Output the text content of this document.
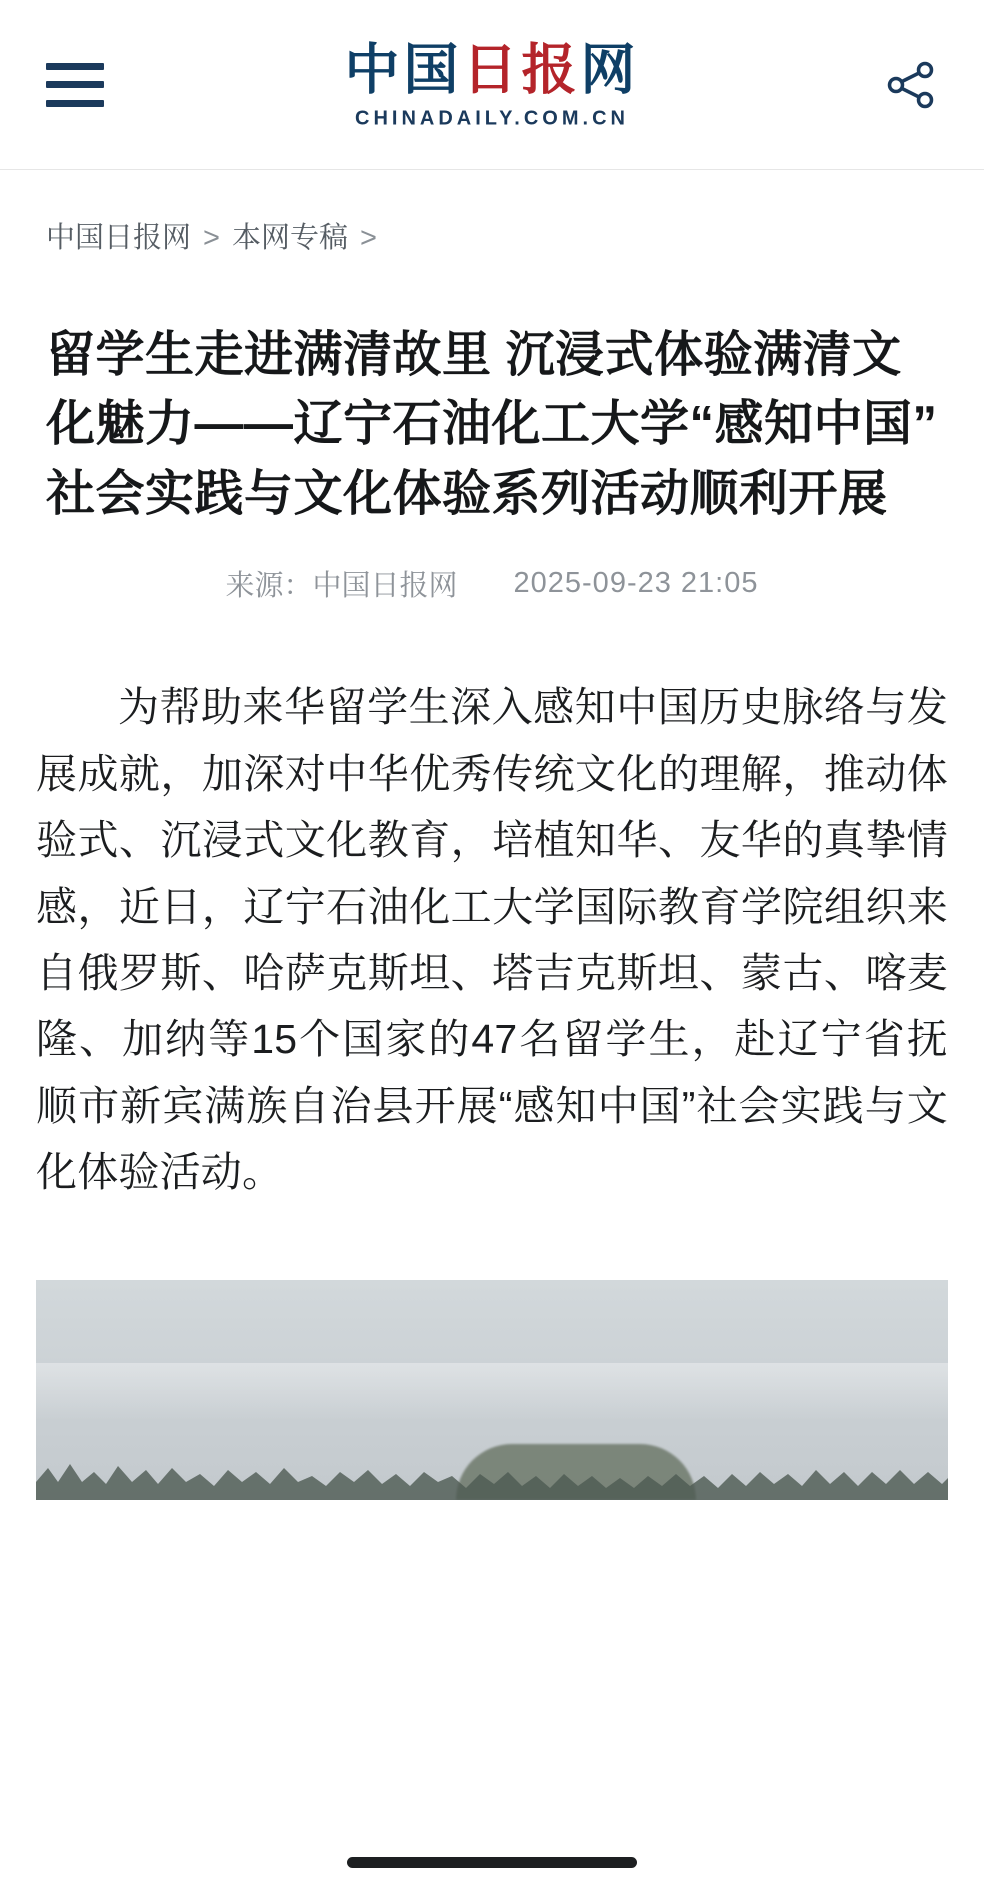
中国日报网
CHINADAILY.COM.CN
中国日报网 > 本网专稿 >
留学生走进满清故里 沉浸式体验满清文化魅力——辽宁石油化工大学“感知中国”社会实践与文化体验系列活动顺利开展
来源：中国日报网 2025-09-23 21:05

为帮助来华留学生深入感知中国历史脉络与发展成就，加深对中华优秀传统文化的理解，推动体验式、沉浸式文化教育，培植知华、友华的真挚情感，近日，辽宁石油化工大学国际教育学院组织来自俄罗斯、哈萨克斯坦、塔吉克斯坦、蒙古、喀麦隆、加纳等15个国家的47名留学生，赴辽宁省抚顺市新宾满族自治县开展“感知中国”社会实践与文化体验活动。
